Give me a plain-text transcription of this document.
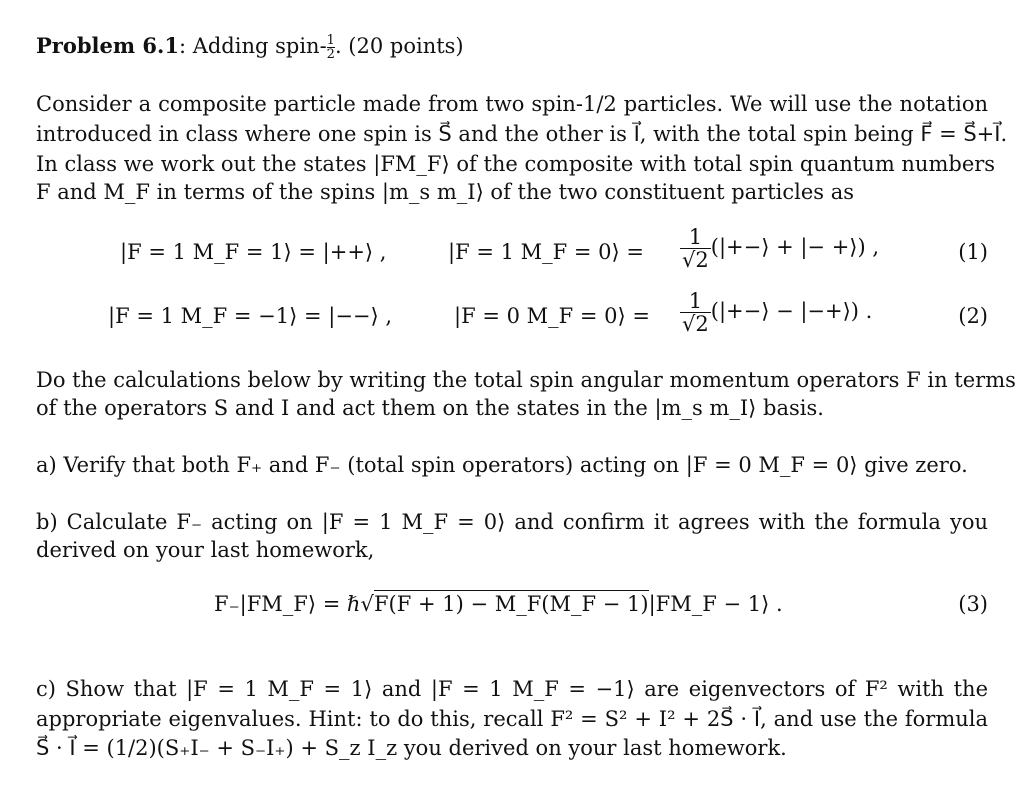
Problem 6.1: Adding spin- $\frac{1}{2}$ . (20 points)
Consider a composite particle made from two spin-1/2 particles. We will use the notation
introduced in class where one spin is S⃗ and the other is I⃗, with the total spin being F⃗ = S⃗+I⃗.
In class we work out the states |FM_F⟩ of the composite with total spin quantum numbers
F and M_F in terms of the spins |m_s m_I⟩ of the two constituent particles as
|F = 1 M_F = 1⟩ = |++⟩ ,	|F = 1 M_F = 0⟩ = $\frac{1}{√2}$ (|+−⟩ + |− +⟩) ,	(1)
|F = 1 M_F = −1⟩ = |−−⟩ ,	|F = 0 M_F = 0⟩ = $\frac{1}{√2}$ (|+−⟩ − |−+⟩) .	(2)
Do the calculations below by writing the total spin angular momentum operators F in terms
of the operators S and I and act them on the states in the |m_s m_I⟩ basis.
a) Verify that both F₊ and F₋ (total spin operators) acting on |F = 0 M_F = 0⟩ give zero.
b) Calculate F₋ acting on |F = 1 M_F = 0⟩ and confirm it agrees with the formula you
derived on your last homework,
F₋|FM_F⟩ = ℏ√F(F + 1) − M_F(M_F − 1)|FM_F − 1⟩ .	(3)
c) Show that |F = 1 M_F = 1⟩ and |F = 1 M_F = −1⟩ are eigenvectors of F² with the
appropriate eigenvalues. Hint: to do this, recall F² = S² + I² + 2S⃗ · I⃗, and use the formula
S⃗ · I⃗ = (1/2)(S₊I₋ + S₋I₊) + S_z I_z you derived on your last homework.
